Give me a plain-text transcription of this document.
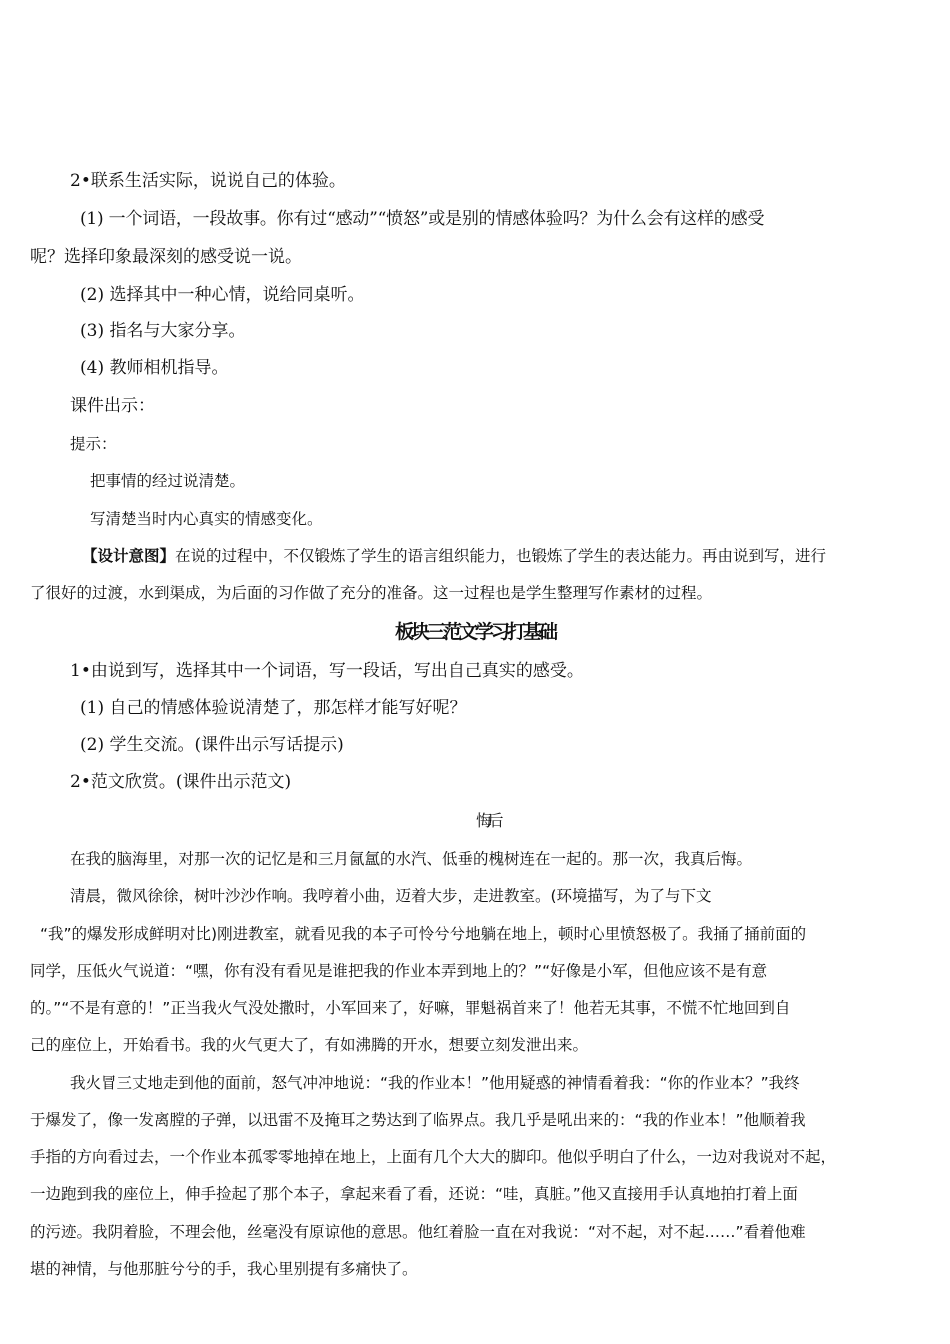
2•联系生活实际，说说自己的体验。
(1) 一个词语，一段故事。你有过“感动”“愤怒”或是别的情感体验吗？为什么会有这样的感受
呢？选择印象最深刻的感受说一说。
(2) 选择其中一种心情，说给同桌听。
(3) 指名与大家分享。
(4) 教师相机指导。
课件出示：
提示：
把事情的经过说清楚。
写清楚当时内心真实的情感变化。
【设计意图】在说的过程中，不仅锻炼了学生的语言组织能力，也锻炼了学生的表达能力。再由说到写，进行
了很好的过渡，水到渠成，为后面的习作做了充分的准备。这一过程也是学生整理写作素材的过程。
板块三范文学习打基础
1•由说到写，选择其中一个词语，写一段话，写出自己真实的感受。
(1) 自己的情感体验说清楚了，那怎样才能写好呢？
(2) 学生交流。(课件出示写话提示)
2•范文欣赏。(课件出示范文)
在我的脑海里，对那一次的记忆是和三月氤氲的水汽、低垂的槐树连在一起的。那一次，我真后悔。
清晨，微风徐徐，树叶沙沙作响。我哼着小曲，迈着大步，走进教室。(环境描写，为了与下文
“我”的爆发形成鲜明对比)刚进教室，就看见我的本子可怜兮兮地躺在地上，顿时心里愤怒极了。我捅了捅前面的
同学，压低火气说道：“嘿，你有没有看见是谁把我的作业本弄到地上的？”“好像是小军，但他应该不是有意
的。”“不是有意的！”正当我火气没处撒时，小军回来了，好嘛，罪魁祸首来了！他若无其事，不慌不忙地回到自
己的座位上，开始看书。我的火气更大了，有如沸腾的开水，想要立刻发泄出来。
我火冒三丈地走到他的面前，怒气冲冲地说：“我的作业本！”他用疑惑的神情看着我：“你的作业本？”我终
于爆发了，像一发离膛的子弹，以迅雷不及掩耳之势达到了临界点。我几乎是吼出来的：“我的作业本！”他顺着我
手指的方向看过去，一个作业本孤零零地掉在地上，上面有几个大大的脚印。他似乎明白了什么，一边对我说对不起，
一边跑到我的座位上，伸手捡起了那个本子，拿起来看了看，还说：“哇，真脏。”他又直接用手认真地拍打着上面
的污迹。我阴着脸，不理会他，丝毫没有原谅他的意思。他红着脸一直在对我说：“对不起，对不起……”看着他难
堪的神情，与他那脏兮兮的手，我心里别提有多痛快了。
